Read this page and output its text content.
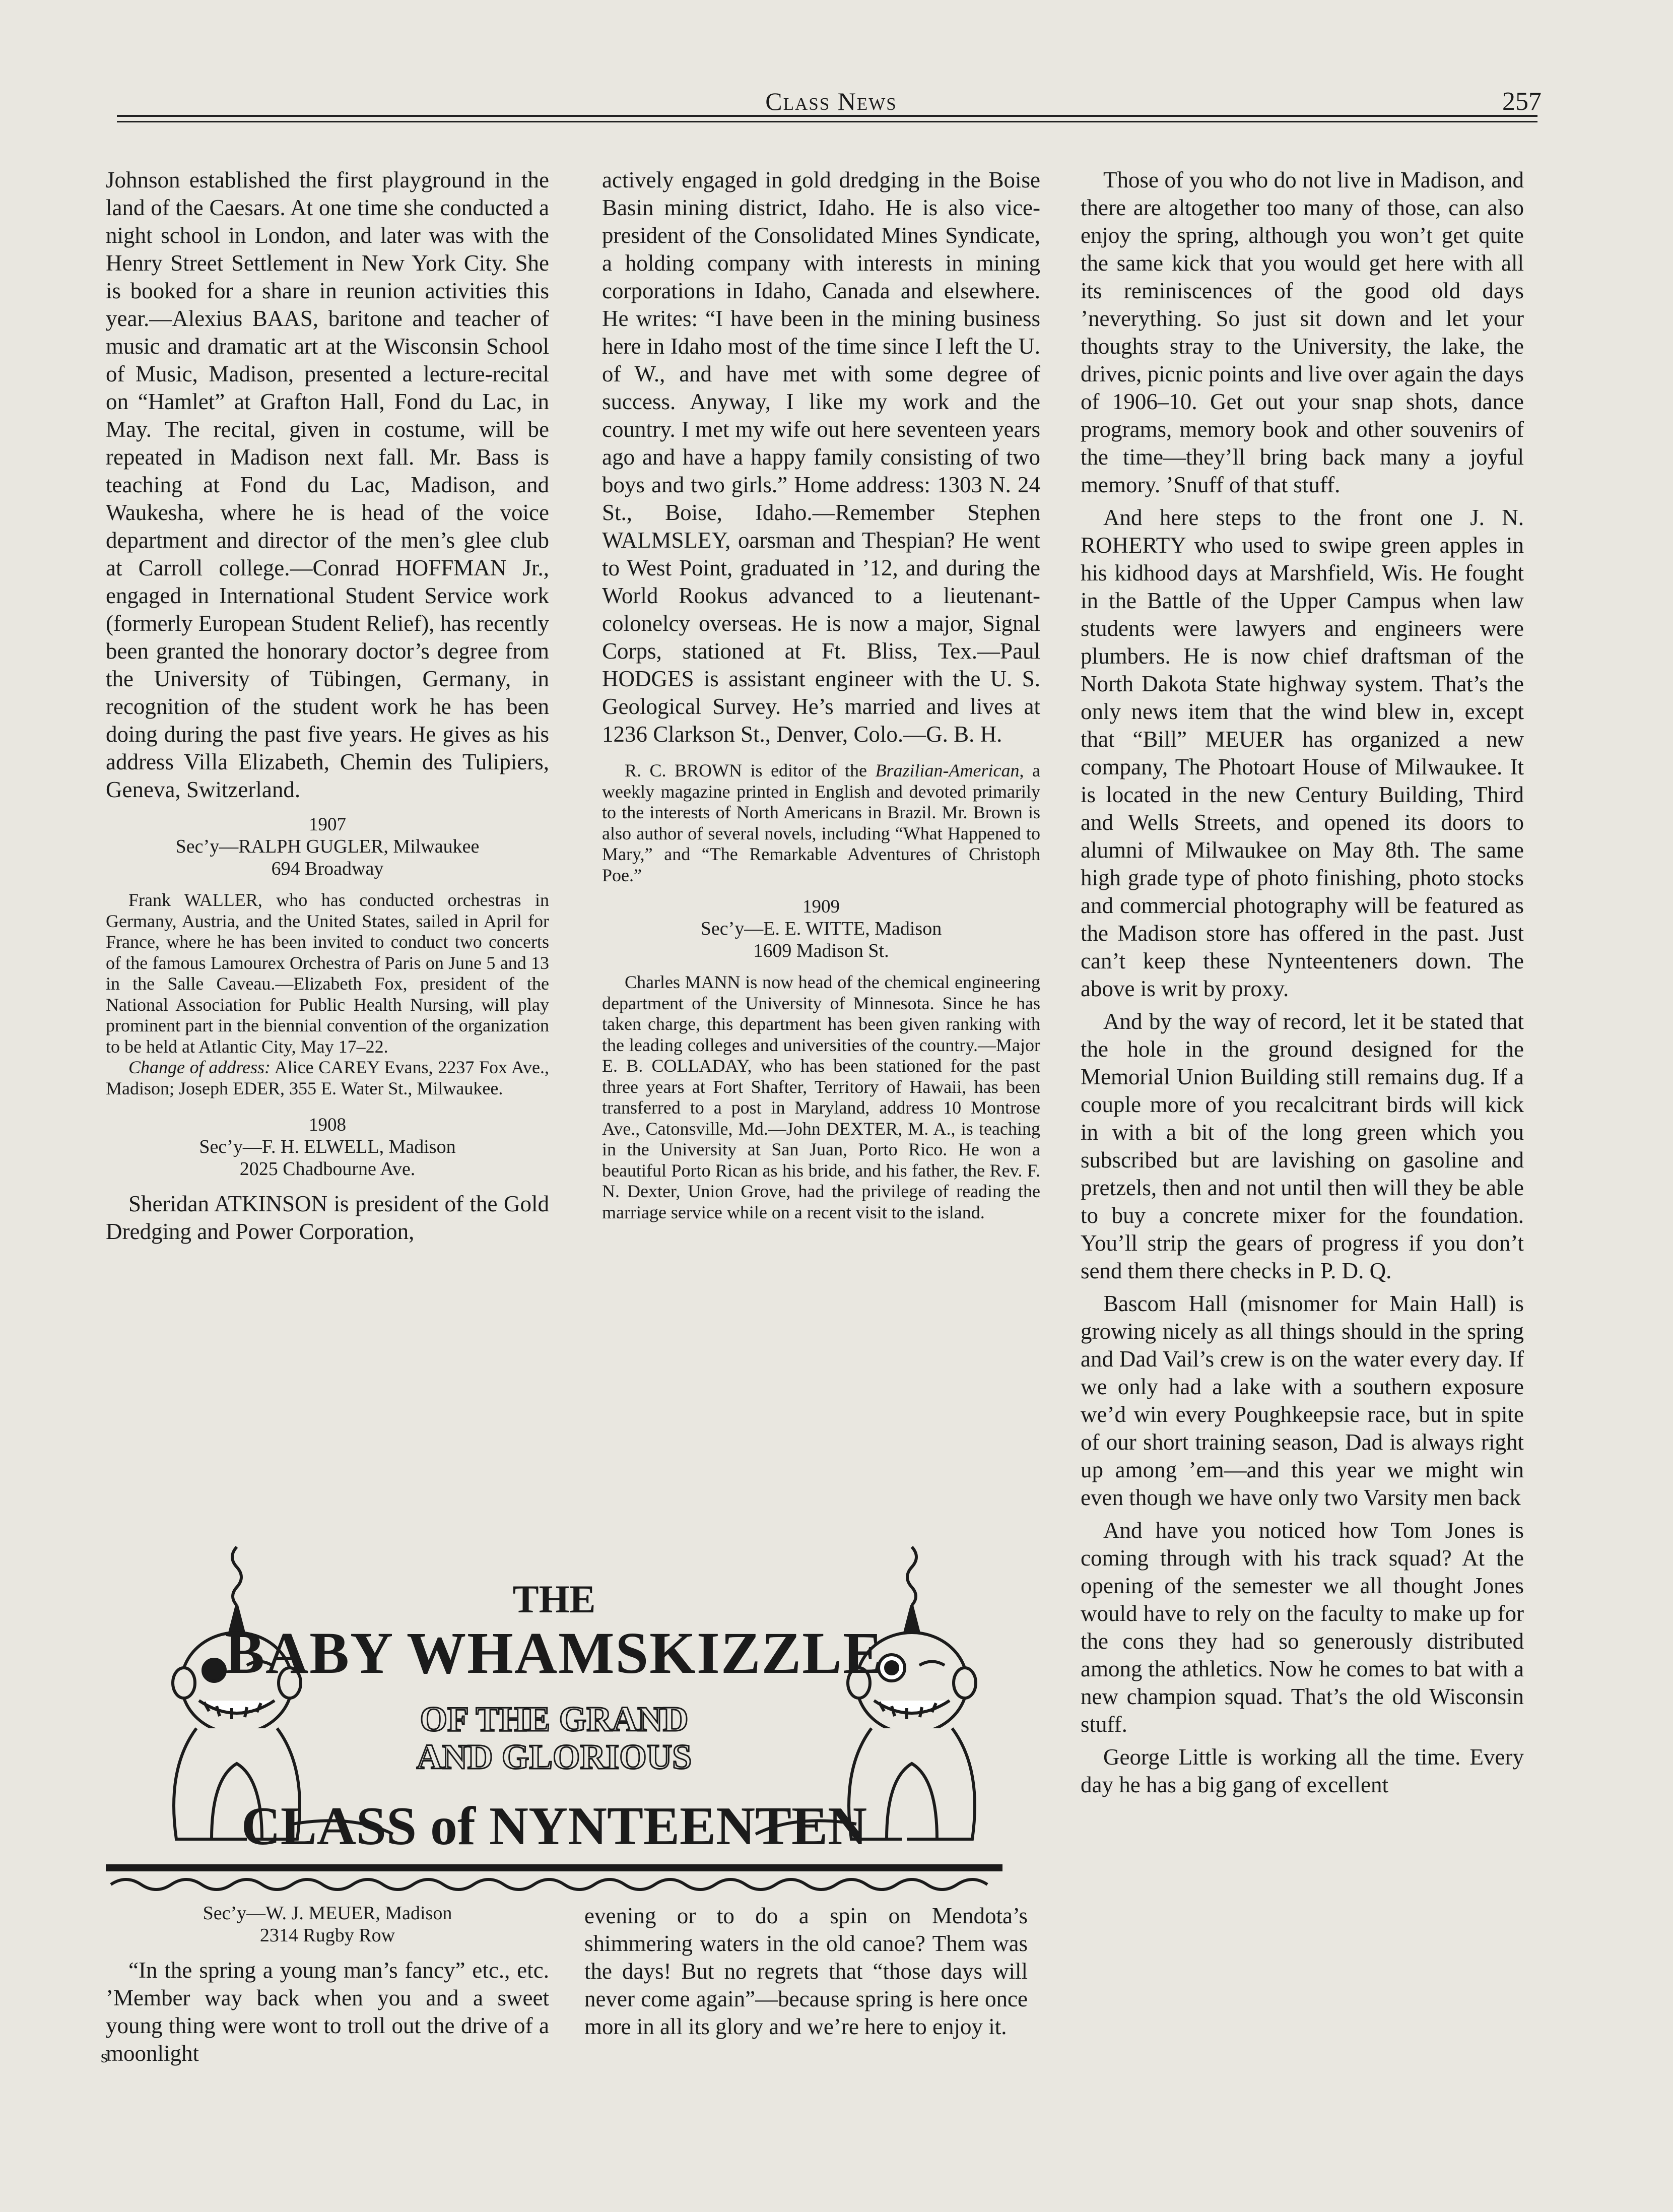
Class News	257

Johnson established the first playground in the land of the Caesars. At one time she conducted a night school in London, and later was with the Henry Street Settlement in New York City. She is booked for a share in reunion activities this year.—Alexius BAAS, baritone and teacher of music and dramatic art at the Wisconsin School of Music, Madison, presented a lecture-recital on “Hamlet” at Grafton Hall, Fond du Lac, in May. The recital, given in costume, will be repeated in Madison next fall. Mr. Bass is teaching at Fond du Lac, Madison, and Waukesha, where he is head of the voice department and director of the men’s glee club at Carroll college.—Conrad HOFFMAN Jr., engaged in International Student Service work (formerly European Student Relief), has recently been granted the honorary doctor’s degree from the University of Tübingen, Germany, in recognition of the student work he has been doing during the past five years. He gives as his address Villa Elizabeth, Chemin des Tulipiers, Geneva, Switzerland.

1907
Sec’y—RALPH GUGLER, Milwaukee
694 Broadway

Frank WALLER, who has conducted orchestras in Germany, Austria, and the United States, sailed in April for France, where he has been invited to conduct two concerts of the famous Lamourex Orchestra of Paris on June 5 and 13 in the Salle Caveau.—Elizabeth Fox, president of the National Association for Public Health Nursing, will play prominent part in the biennial convention of the organization to be held at Atlantic City, May 17–22.

Change of address: Alice CAREY Evans, 2237 Fox Ave., Madison; Joseph EDER, 355 E. Water St., Milwaukee.

1908
Sec’y—F. H. ELWELL, Madison
2025 Chadbourne Ave.

Sheridan ATKINSON is president of the Gold Dredging and Power Corporation,

actively engaged in gold dredging in the Boise Basin mining district, Idaho. He is also vice-president of the Consolidated Mines Syndicate, a holding company with interests in mining corporations in Idaho, Canada and elsewhere. He writes: “I have been in the mining business here in Idaho most of the time since I left the U. of W., and have met with some degree of success. Anyway, I like my work and the country. I met my wife out here seventeen years ago and have a happy family consisting of two boys and two girls.” Home address: 1303 N. 24 St., Boise, Idaho.—Remember Stephen WALMSLEY, oarsman and Thespian? He went to West Point, graduated in ’12, and during the World Rookus advanced to a lieutenant-colonelcy overseas. He is now a major, Signal Corps, stationed at Ft. Bliss, Tex.—Paul HODGES is assistant engineer with the U. S. Geological Survey. He’s married and lives at 1236 Clarkson St., Denver, Colo.—G. B. H.

R. C. BROWN is editor of the Brazilian-American, a weekly magazine printed in English and devoted primarily to the interests of North Americans in Brazil. Mr. Brown is also author of several novels, including “What Happened to Mary,” and “The Remarkable Adventures of Christoph Poe.”

1909
Sec’y—E. E. WITTE, Madison
1609 Madison St.

Charles MANN is now head of the chemical engineering department of the University of Minnesota. Since he has taken charge, this department has been given ranking with the leading colleges and universities of the country.—Major E. B. COLLADAY, who has been stationed for the past three years at Fort Shafter, Territory of Hawaii, has been transferred to a post in Maryland, address 10 Montrose Ave., Catonsville, Md.—John DEXTER, M. A., is teaching in the University at San Juan, Porto Rico. He won a beautiful Porto Rican as his bride, and his father, the Rev. F. N. Dexter, Union Grove, had the privilege of reading the marriage service while on a recent visit to the island.

Those of you who do not live in Madison, and there are altogether too many of those, can also enjoy the spring, although you won’t get quite the same kick that you would get here with all its reminiscences of the good old days ’neverything. So just sit down and let your thoughts stray to the University, the lake, the drives, picnic points and live over again the days of 1906–10. Get out your snap shots, dance programs, memory book and other souvenirs of the time—they’ll bring back many a joyful memory. ’Snuff of that stuff.

And here steps to the front one J. N. ROHERTY who used to swipe green apples in his kidhood days at Marshfield, Wis. He fought in the Battle of the Upper Campus when law students were lawyers and engineers were plumbers. He is now chief draftsman of the North Dakota State highway system. That’s the only news item that the wind blew in, except that “Bill” MEUER has organized a new company, The Photoart House of Milwaukee. It is located in the new Century Building, Third and Wells Streets, and opened its doors to alumni of Milwaukee on May 8th. The same high grade type of photo finishing, photo stocks and commercial photography will be featured as the Madison store has offered in the past. Just can’t keep these Nynteenteners down. The above is writ by proxy.

And by the way of record, let it be stated that the hole in the ground designed for the Memorial Union Building still remains dug. If a couple more of you recalcitrant birds will kick in with a bit of the long green which you subscribed but are lavishing on gasoline and pretzels, then and not until then will they be able to buy a concrete mixer for the foundation. You’ll strip the gears of progress if you don’t send them there checks in P. D. Q.

Bascom Hall (misnomer for Main Hall) is growing nicely as all things should in the spring and Dad Vail’s crew is on the water every day. If we only had a lake with a southern exposure we’d win every Poughkeepsie race, but in spite of our short training season, Dad is always right up among ’em—and this year we might win even though we have only two Varsity men back

And have you noticed how Tom Jones is coming through with his track squad? At the opening of the semester we all thought Jones would have to rely on the faculty to make up for the cons they had so generously distributed among the athletics. Now he comes to bat with a new champion squad. That’s the old Wisconsin stuff.

George Little is working all the time. Every day he has a big gang of excellent

THE
BABY WHAMSKIZZLE
OF THE GRAND
AND GLORIOUS
CLASS of NYNTEENTEN
Sec’y—W. J. MEUER, Madison
2314 Rugby Row

“In the spring a young man’s fancy” etc., etc. ’Member way back when you and a sweet young thing were wont to troll out the drive of a moonlight

s

evening or to do a spin on Mendota’s shimmering waters in the old canoe? Them was the days! But no regrets that “those days will never come again”—because spring is here once more in all its glory and we’re here to enjoy it.
